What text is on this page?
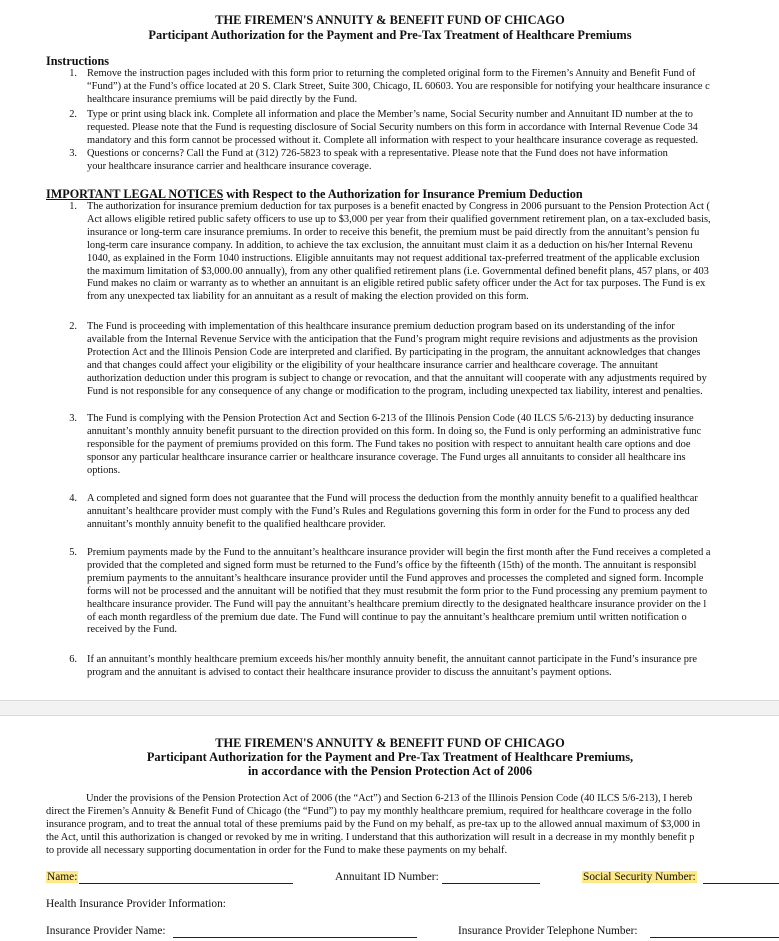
THE FIREMEN'S ANNUITY & BENEFIT FUND OF CHICAGO
Participant Authorization for the Payment and Pre-Tax Treatment of Healthcare Premiums
Instructions
1. Remove the instruction pages included with this form prior to returning the completed original form to the Firemen’s Annuity and Benefit Fund of
“Fund”) at the Fund’s office located at 20 S. Clark Street, Suite 300, Chicago, IL 60603. You are responsible for notifying your healthcare insurance c
healthcare insurance premiums will be paid directly by the Fund.
2. Type or print using black ink. Complete all information and place the Member’s name, Social Security number and Annuitant ID number at the to
requested. Please note that the Fund is requesting disclosure of Social Security numbers on this form in accordance with Internal Revenue Code 34
mandatory and this form cannot be processed without it. Complete all information with respect to your healthcare insurance coverage as requested.
3. Questions or concerns? Call the Fund at (312) 726-5823 to speak with a representative. Please note that the Fund does not have information
your healthcare insurance carrier and healthcare insurance coverage.
IMPORTANT LEGAL NOTICES with Respect to the Authorization for Insurance Premium Deduction
1. The authorization for insurance premium deduction for tax purposes is a benefit enacted by Congress in 2006 pursuant to the Pension Protection Act (
Act allows eligible retired public safety officers to use up to $3,000 per year from their qualified government retirement plan, on a tax-excluded basis,
insurance or long-term care insurance premiums. In order to receive this benefit, the premium must be paid directly from the annuitant’s pension fu
long-term care insurance company. In addition, to achieve the tax exclusion, the annuitant must claim it as a deduction on his/her Internal Revenu
1040, as explained in the Form 1040 instructions. Eligible annuitants may not request additional tax-preferred treatment of the applicable exclusion
the maximum limitation of $3,000.00 annually), from any other qualified retirement plans (i.e. Governmental defined benefit plans, 457 plans, or 403
Fund makes no claim or warranty as to whether an annuitant is an eligible retired public safety officer under the Act for tax purposes. The Fund is ex
from any unexpected tax liability for an annuitant as a result of making the election provided on this form.
2. The Fund is proceeding with implementation of this healthcare insurance premium deduction program based on its understanding of the infor
available from the Internal Revenue Service with the anticipation that the Fund’s program might require revisions and adjustments as the provision
Protection Act and the Illinois Pension Code are interpreted and clarified. By participating in the program, the annuitant acknowledges that changes
and that changes could affect your eligibility or the eligibility of your healthcare insurance carrier and healthcare coverage. The annuitant
authorization deduction under this program is subject to change or revocation, and that the annuitant will cooperate with any adjustments required by
Fund is not responsible for any consequence of any change or modification to the program, including unexpected tax liability, interest and penalties.
3. The Fund is complying with the Pension Protection Act and Section 6-213 of the Illinois Pension Code (40 ILCS 5/6-213) by deducting insurance
annuitant’s monthly annuity benefit pursuant to the direction provided on this form. In doing so, the Fund is only performing an administrative func
responsible for the payment of premiums provided on this form. The Fund takes no position with respect to annuitant health care options and doe
sponsor any particular healthcare insurance carrier or healthcare insurance coverage. The Fund urges all annuitants to consider all healthcare ins
options.
4. A completed and signed form does not guarantee that the Fund will process the deduction from the monthly annuity benefit to a qualified healthcar
annuitant’s healthcare provider must comply with the Fund’s Rules and Regulations governing this form in order for the Fund to process any ded
annuitant’s monthly annuity benefit to the qualified healthcare provider.
5. Premium payments made by the Fund to the annuitant’s healthcare insurance provider will begin the first month after the Fund receives a completed a
provided that the completed and signed form must be returned to the Fund’s office by the fifteenth (15th) of the month. The annuitant is responsibl
premium payments to the annuitant’s healthcare insurance provider until the Fund approves and processes the completed and signed form. Incomple
forms will not be processed and the annuitant will be notified that they must resubmit the form prior to the Fund processing any premium payment to
healthcare insurance provider. The Fund will pay the annuitant’s healthcare premium directly to the designated healthcare insurance provider on the l
of each month regardless of the premium due date. The Fund will continue to pay the annuitant’s healthcare premium until written notification o
received by the Fund.
6. If an annuitant’s monthly healthcare premium exceeds his/her monthly annuity benefit, the annuitant cannot participate in the Fund’s insurance pre
program and the annuitant is advised to contact their healthcare insurance provider to discuss the annuitant’s payment options.
THE FIREMEN'S ANNUITY & BENEFIT FUND OF CHICAGO
Participant Authorization for the Payment and Pre-Tax Treatment of Healthcare Premiums,
in accordance with the Pension Protection Act of 2006
Under the provisions of the Pension Protection Act of 2006 (the “Act”) and Section 6-213 of the Illinois Pension Code (40 ILCS 5/6-213), I hereb
direct the Firemen’s Annuity & Benefit Fund of Chicago (the “Fund”) to pay my monthly healthcare premium, required for healthcare coverage in the follo
insurance program, and to treat the annual total of these premiums paid by the Fund on my behalf, as pre-tax up to the allowed annual maximum of $3,000 in
the Act, until this authorization is changed or revoked by me in writing. I understand that this authorization will result in a decrease in my monthly benefit p
to provide all necessary supporting documentation in order for the Fund to make these payments on my behalf.
Name:	Annuitant ID Number:	Social Security Number:
Health Insurance Provider Information:
Insurance Provider Name:	Insurance Provider Telephone Number:
